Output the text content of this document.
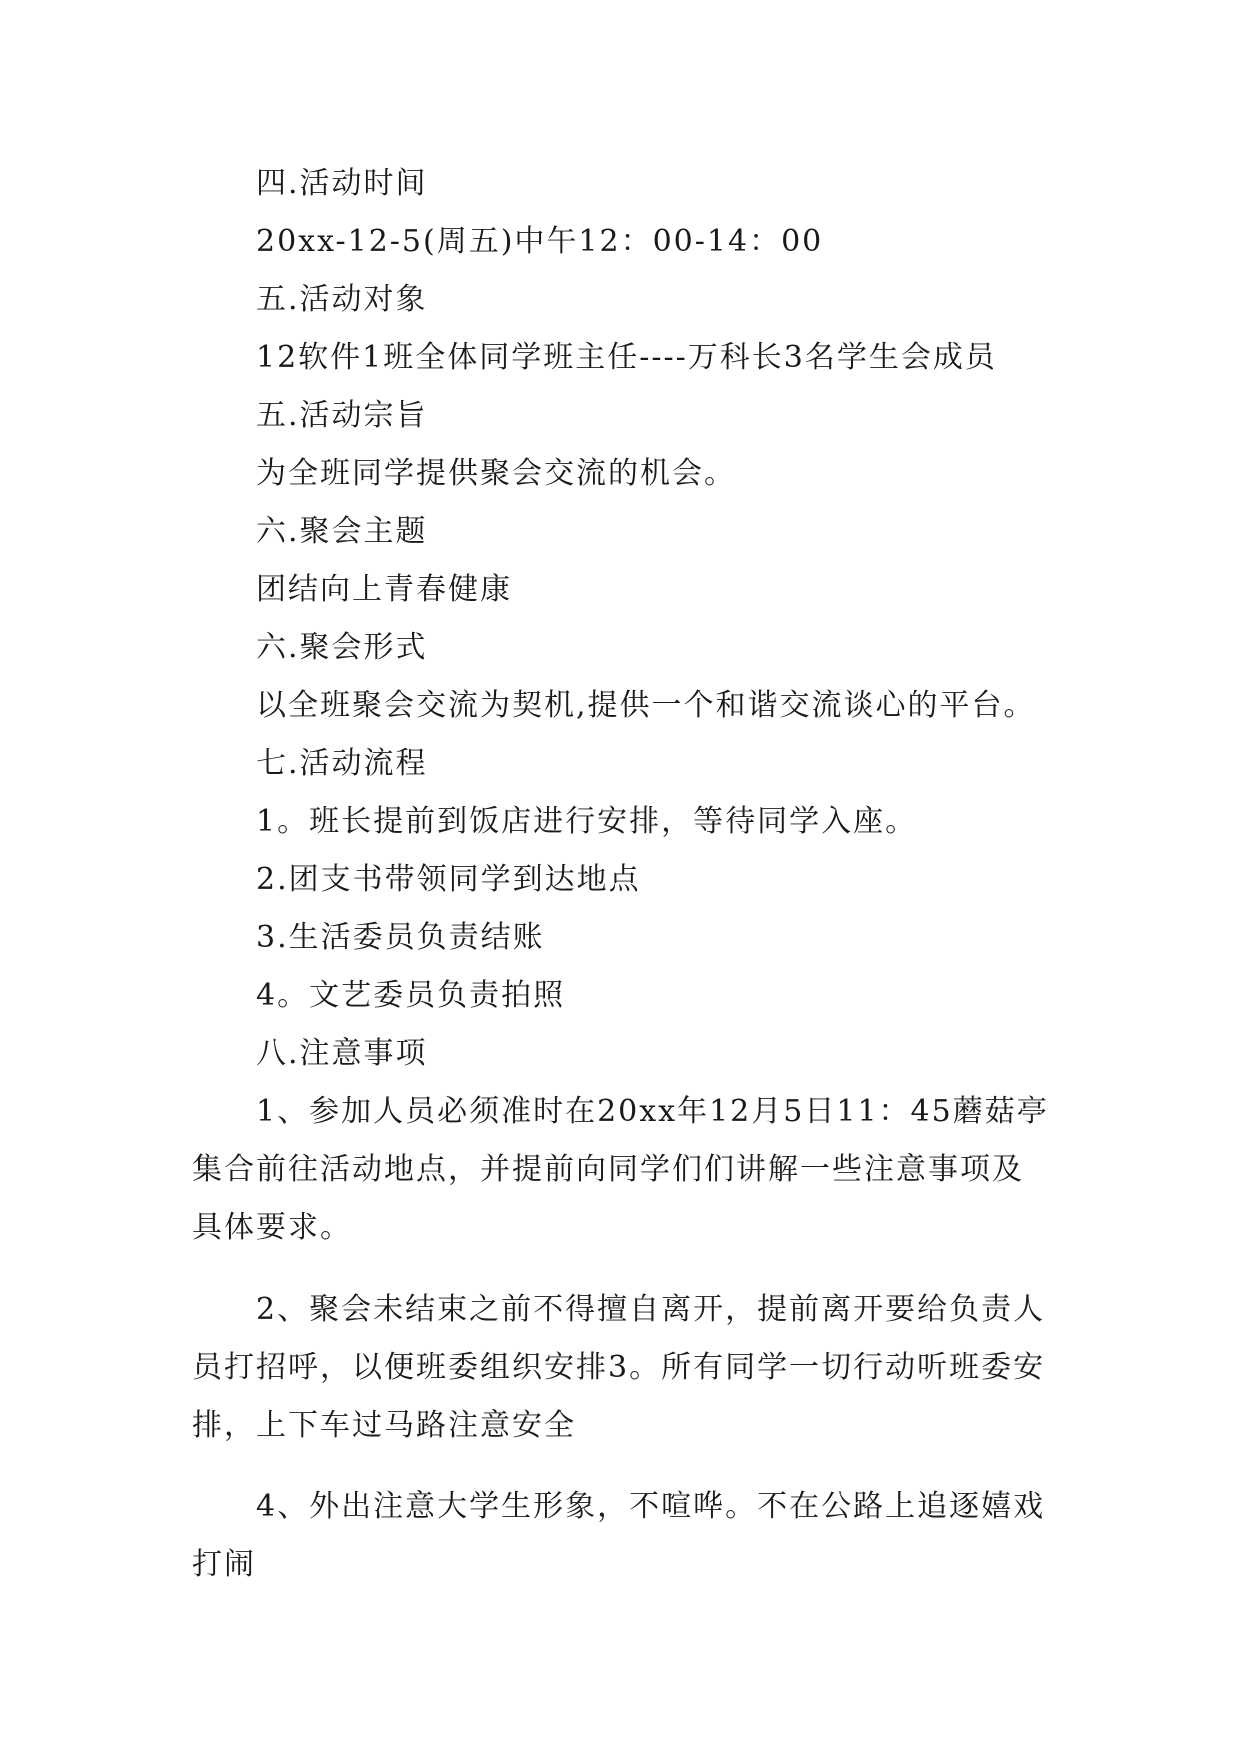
四.活动时间
20xx-12-5(周五)中午12：00-14：00
五.活动对象
12软件1班全体同学班主任----万科长3名学生会成员
五.活动宗旨
为全班同学提供聚会交流的机会。
六.聚会主题
团结向上青春健康
六.聚会形式
以全班聚会交流为契机,提供一个和谐交流谈心的平台。
七.活动流程
1。班长提前到饭店进行安排，等待同学入座。
2.团支书带领同学到达地点
3.生活委员负责结账
4。文艺委员负责拍照
八.注意事项

1、参加人员必须准时在20xx年12月5日11：45蘑菇亭集合前往活动地点，并提前向同学们们讲解一些注意事项及具体要求。

2、聚会未结束之前不得擅自离开，提前离开要给负责人员打招呼，以便班委组织安排3。所有同学一切行动听班委安排，上下车过马路注意安全

4、外出注意大学生形象，不喧哗。不在公路上追逐嬉戏打闹
